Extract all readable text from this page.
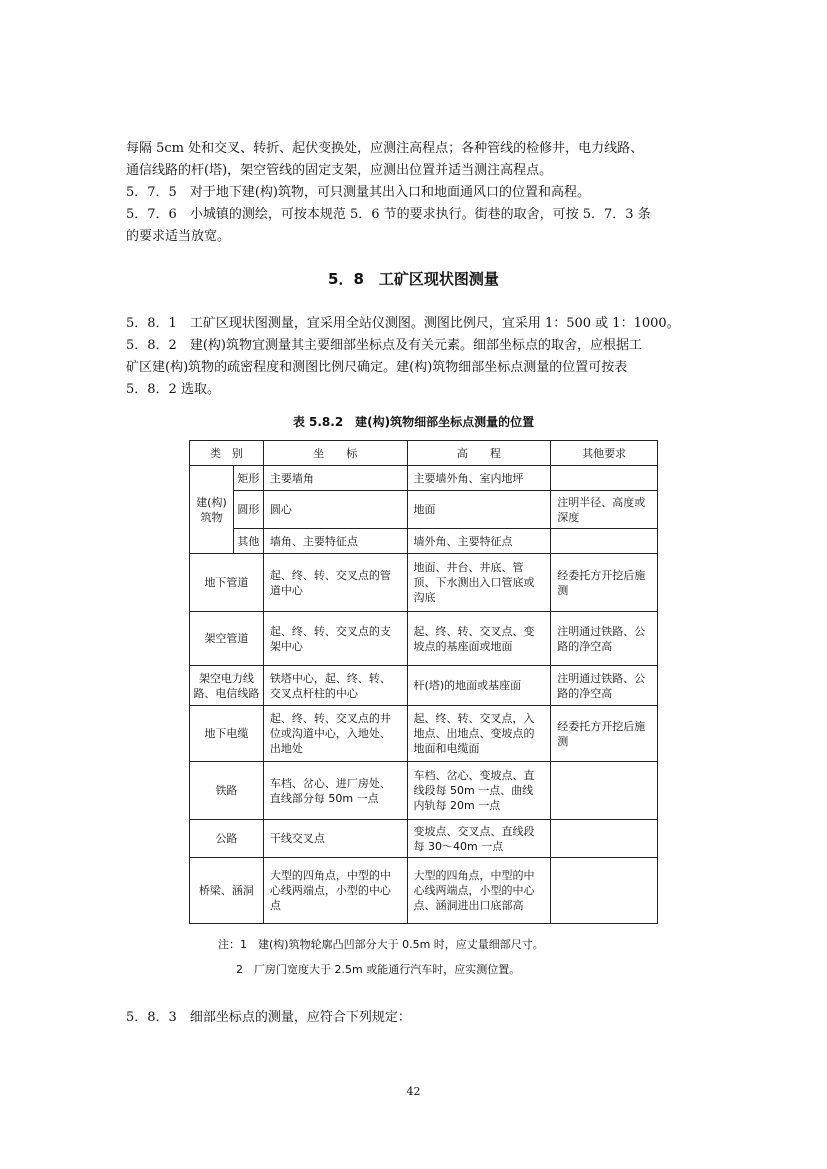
每隔 5cm 处和交叉、转折、起伏变换处，应测注高程点；各种管线的检修井，电力线路、

通信线路的杆(塔)，架空管线的固定支架，应测出位置并适当测注高程点。

5．7．5　对于地下建(构)筑物，可只测量其出入口和地面通风口的位置和高程。

5．7．6　小城镇的测绘，可按本规范 5．6 节的要求执行。街巷的取舍，可按 5．7．3 条

的要求适当放宽。

5．8　工矿区现状图测量

5．8．1　工矿区现状图测量，宜采用全站仪测图。测图比例尺，宜采用 1：500 或 1：1000。

5．8．2　建(构)筑物宜测量其主要细部坐标点及有关元素。细部坐标点的取舍，应根据工

矿区建(构)筑物的疏密程度和测图比例尺确定。建(构)筑物细部坐标点测量的位置可按表

5．8．2 选取。

表 5.8.2　建(构)筑物细部坐标点测量的位置
类　别		坐　　标	高　　程	其他要求
建(构)筑物	矩形	主要墙角	主要墙外角、室内地坪	
	圆形	圆心	地面	注明半径、高度或深度
	其他	墙角、主要特征点	墙外角、主要特征点	
地下管道		起、终、转、交叉点的管道中心	地面、井台、井底、管顶、下水测出入口管底或沟底	经委托方开挖后施测
架空管道		起、终、转、交叉点的支架中心	起、终、转、交叉点、变坡点的基座面或地面	注明通过铁路、公路的净空高
架空电力线路、电信线路		铁塔中心，起、终、转、交叉点杆柱的中心	杆(塔)的地面或基座面	注明通过铁路、公路的净空高
地下电缆		起、终、转、交叉点的井位或沟道中心，入地处、出地处	起、终、转、交叉点，入地点、出地点、变坡点的地面和电缆面	经委托方开挖后施测
铁路		车档、岔心、进厂房处、直线部分每 50m 一点	车档、岔心、变坡点、直线段每 50m 一点、曲线内轨每 20m 一点	
公路		干线交叉点	变坡点、交叉点、直线段每 30～40m 一点	
桥梁、涵洞		大型的四角点，中型的中心线两端点，小型的中心点	大型的四角点，中型的中心线两端点，小型的中心点、涵洞进出口底部高	
注：1　建(构)筑物轮廓凸凹部分大于 0.5m 时，应丈量细部尺寸。
2　厂房门宽度大于 2.5m 或能通行汽车时，应实测位置。
5．8．3　细部坐标点的测量，应符合下列规定：
42
